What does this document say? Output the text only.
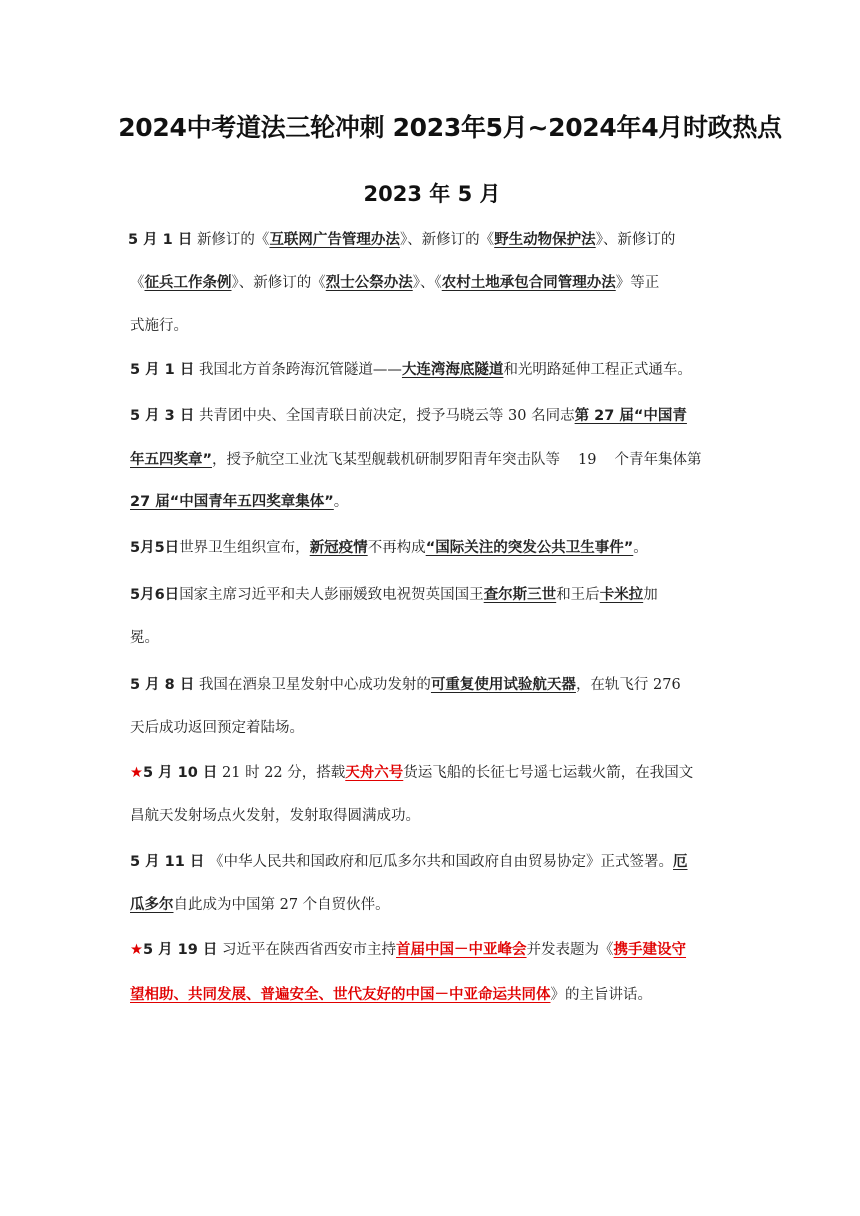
2024中考道法三轮冲刺 2023年5月~2024年4月时政热点
2023 年 5 月
5 月 1 日 新修订的《互联网广告管理办法》、新修订的《野生动物保护法》、新修订的
《征兵工作条例》、新修订的《烈士公祭办法》、《农村土地承包合同管理办法》等正
式施行。
5 月 1 日 我国北方首条跨海沉管隧道——大连湾海底隧道和光明路延伸工程正式通车。
5 月 3 日 共青团中央、全国青联日前决定，授予马晓云等 30 名同志第 27 届“中国青
年五四奖章”，授予航空工业沈飞某型舰载机研制罗阳青年突击队等 19 个青年集体第
27 届“中国青年五四奖章集体”。
5月5日世界卫生组织宣布，新冠疫情不再构成“国际关注的突发公共卫生事件”。
5月6日国家主席习近平和夫人彭丽媛致电祝贺英国国王查尔斯三世和王后卡米拉加
冕。
5 月 8 日 我国在酒泉卫星发射中心成功发射的可重复使用试验航天器，在轨飞行 276
天后成功返回预定着陆场。
★5 月 10 日 21 时 22 分，搭载天舟六号货运飞船的长征七号遥七运载火箭，在我国文
昌航天发射场点火发射，发射取得圆满成功。
5 月 11 日 《中华人民共和国政府和厄瓜多尔共和国政府自由贸易协定》正式签署。厄
瓜多尔自此成为中国第 27 个自贸伙伴。
★5 月 19 日 习近平在陕西省西安市主持首届中国－中亚峰会并发表题为《携手建设守
望相助、共同发展、普遍安全、世代友好的中国－中亚命运共同体》的主旨讲话。
